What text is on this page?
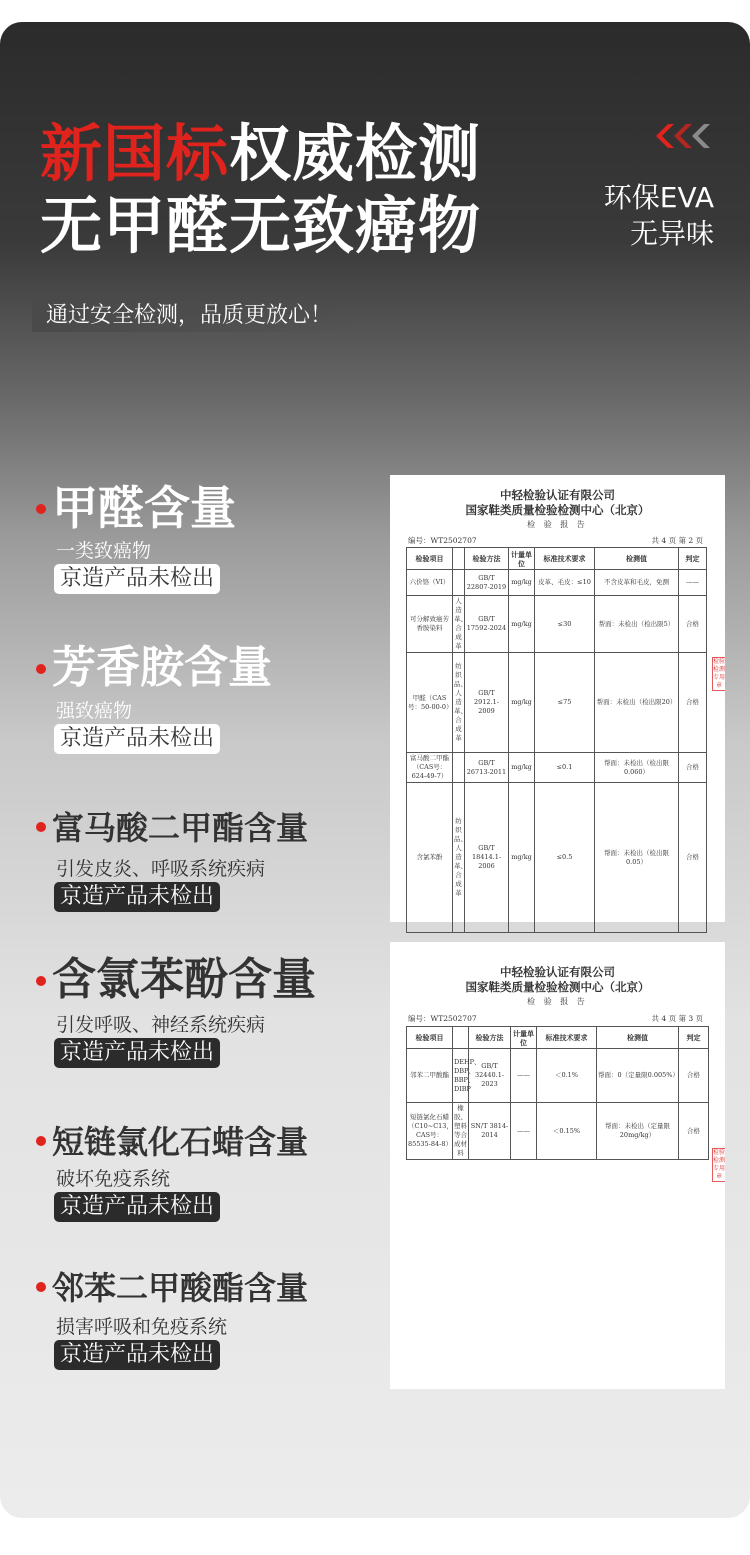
新国标权威检测
无甲醛无致癌物	环保EVA
无异味
通过安全检测，品质更放心！
甲醛含量
一类致癌物
京造产品未检出
芳香胺含量
强致癌物
京造产品未检出
富马酸二甲酯含量
引发皮炎、呼吸系统疾病
京造产品未检出
含氯苯酚含量
引发呼吸、神经系统疾病
京造产品未检出
短链氯化石蜡含量
破坏免疫系统
京造产品未检出
邻苯二甲酸酯含量
损害呼吸和免疫系统
京造产品未检出
中轻检验认证有限公司
国家鞋类质量检验检测中心（北京）
检 验 报 告
编号：WT2502707	共 4 页 第 2 页
检验项目		检验方法	计量单位	标准技术要求	检测值	判定
六价铬（VI）		GB/T 22807-2019	mg/kg	皮革、毛皮：≤10	不含皮革和毛皮，免测	——
可分解致癌芳香胺染料	人造革、合成革	GB/T 17592-2024	mg/kg	≤30	帮面：未检出（检出限5）	合格
甲醛（CAS号：50-00-0）	纺织品、人造革、合成革	GB/T 2912.1-2009	mg/kg	≤75	帮面：未检出（检出限20）	合格
富马酸二甲酯（CAS号：624-49-7）		GB/T 26713-2011	mg/kg	≤0.1	帮面：未检出（检出限0.060）	合格
含氯苯酚	纺织品、人造革、合成革	GB/T 18414.1-2006	mg/kg	≤0.5	帮面：未检出（检出限0.05）	合格
检验检测专用章
中轻检验认证有限公司
国家鞋类质量检验检测中心（北京）
检 验 报 告
编号：WT2502707	共 4 页 第 3 页
检验项目		检验方法	计量单位	标准技术要求	检测值	判定
邻苯二甲酸酯	DEHP、DBP、BBP、DIBP	GB/T 32440.1-2023	——	＜0.1%	帮面：0（定量限0.005%）	合格
短链氯化石蜡（C10~C13，CAS号：85535-84-8）	橡胶、塑料等合成材料	SN/T 3814-2014	——	＜0.15%	帮面：未检出（定量限20mg/kg）	合格
检验检测专用章
